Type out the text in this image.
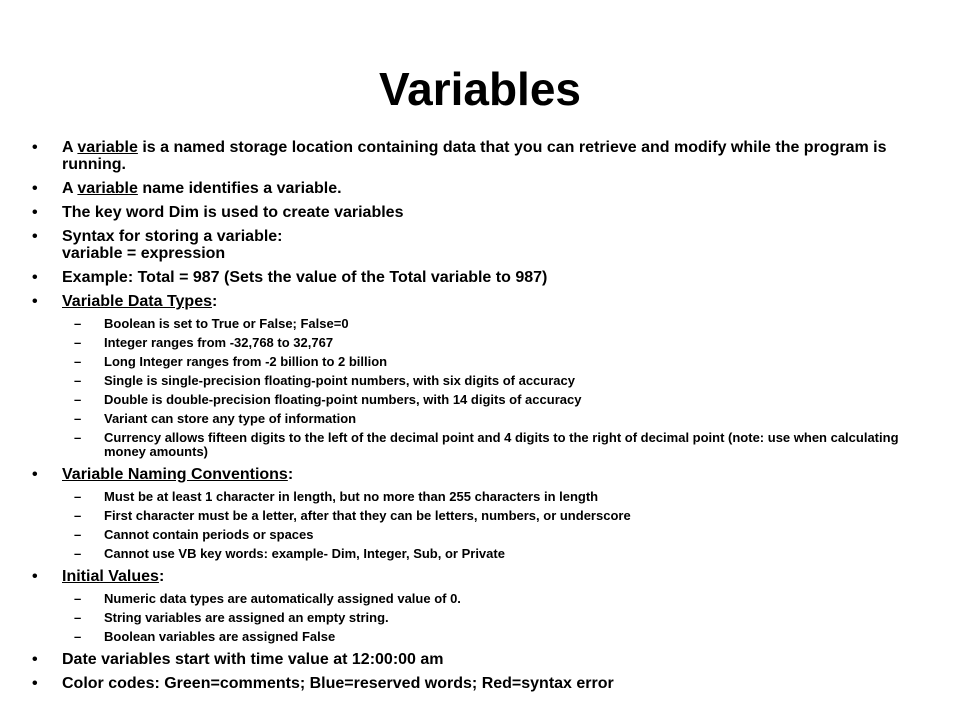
Variables
• A variable is a named storage location containing data that you can retrieve and modify while the program is running.
• A variable name identifies a variable.
• The key word Dim is used to create variables
• Syntax for storing a variable:
variable = expression
• Example: Total = 987 (Sets the value of the Total variable to 987)
• Variable Data Types:
– Boolean is set to True or False; False=0
– Integer ranges from -32,768 to 32,767
– Long Integer ranges from -2 billion to 2 billion
– Single is single-precision floating-point numbers, with six digits of accuracy
– Double is double-precision floating-point numbers, with 14 digits of accuracy
– Variant can store any type of information
– Currency allows fifteen digits to the left of the decimal point and 4 digits to the right of decimal point (note: use when calculating money amounts)
• Variable Naming Conventions:
– Must be at least 1 character in length, but no more than 255 characters in length
– First character must be a letter, after that they can be letters, numbers, or underscore
– Cannot contain periods or spaces
– Cannot use VB key words: example- Dim, Integer, Sub, or Private
• Initial Values:
– Numeric data types are automatically assigned value of 0.
– String variables are assigned an empty string.
– Boolean variables are assigned False
• Date variables start with time value at 12:00:00 am
• Color codes: Green=comments; Blue=reserved words; Red=syntax error
